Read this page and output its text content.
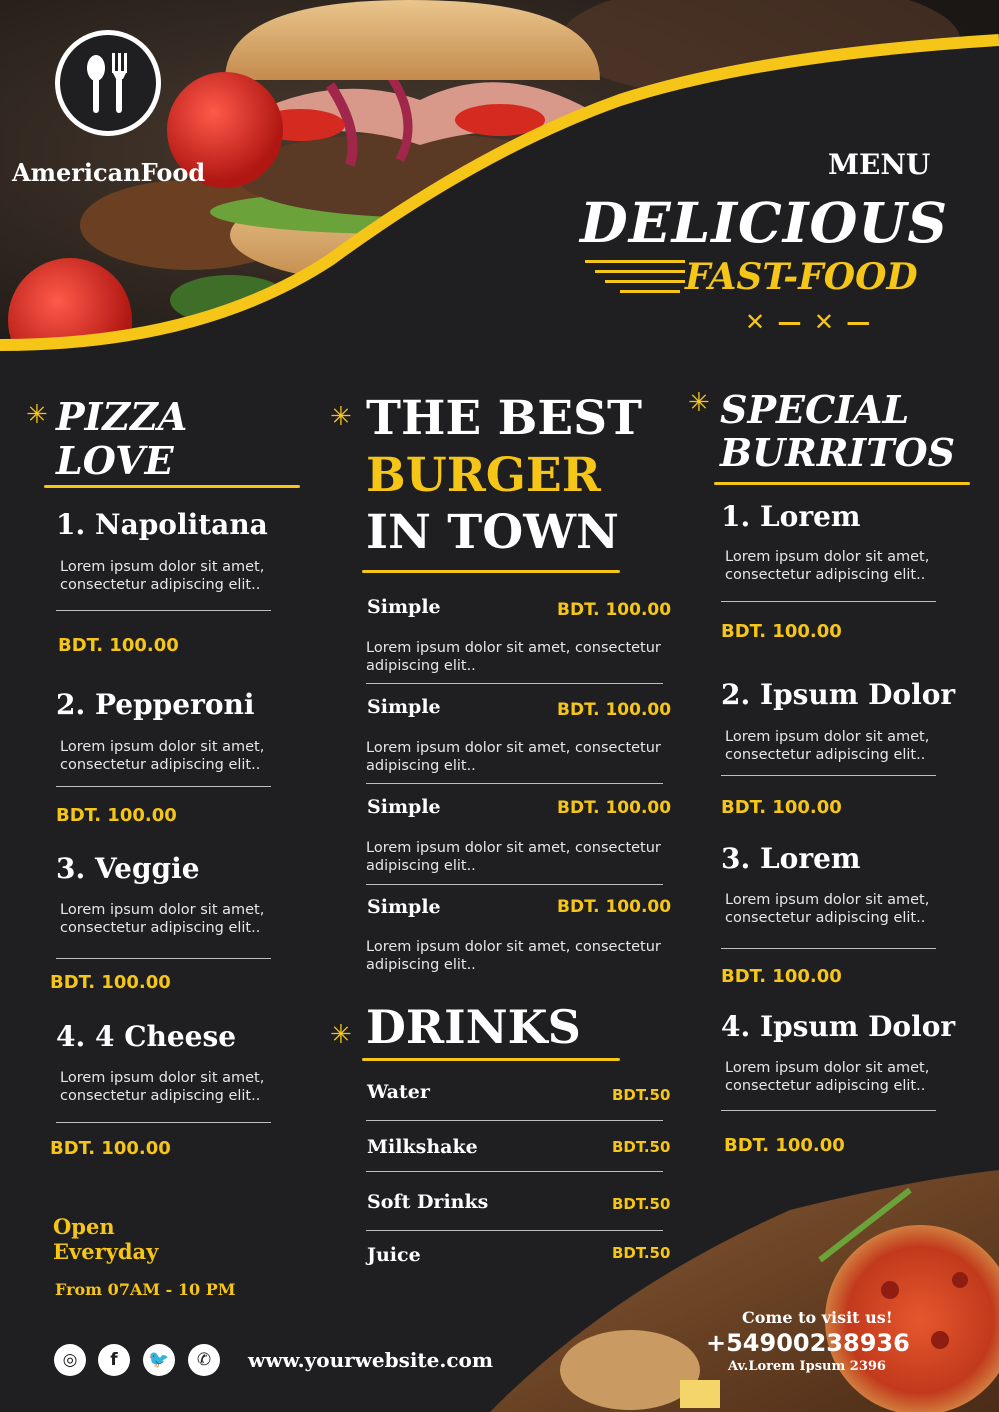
AmericanFood	MENU
DELICIOUS
FAST-FOOD
✕ — ✕ —
✳ PIZZA
LOVE
1. Napolitana
Lorem ipsum dolor sit amet,
consectetur adipiscing elit..
BDT. 100.00
2. Pepperoni
Lorem ipsum dolor sit amet,
consectetur adipiscing elit..
BDT. 100.00
3. Veggie
Lorem ipsum dolor sit amet,
consectetur adipiscing elit..
BDT. 100.00
4. 4 Cheese
Lorem ipsum dolor sit amet,
consectetur adipiscing elit..
BDT. 100.00
Open
Everyday
From 07AM - 10 PM
✳ THE BEST
BURGER
IN TOWN
Simple	BDT. 100.00
Lorem ipsum dolor sit amet, consectetur
adipiscing elit..
Simple	BDT. 100.00
Lorem ipsum dolor sit amet, consectetur
adipiscing elit..
Simple	BDT. 100.00
Lorem ipsum dolor sit amet, consectetur
adipiscing elit..
Simple	BDT. 100.00
Lorem ipsum dolor sit amet, consectetur
adipiscing elit..
✳ DRINKS
Water	BDT.50
Milkshake	BDT.50
Soft Drinks	BDT.50
Juice	BDT.50
✳ SPECIAL
BURRITOS
1. Lorem
Lorem ipsum dolor sit amet,
consectetur adipiscing elit..
BDT. 100.00
2. Ipsum Dolor
Lorem ipsum dolor sit amet,
consectetur adipiscing elit..
BDT. 100.00
3. Lorem
Lorem ipsum dolor sit amet,
consectetur adipiscing elit..
BDT. 100.00
4. Ipsum Dolor
Lorem ipsum dolor sit amet,
consectetur adipiscing elit..
BDT. 100.00
Come to visit us!
+54900238936
Av.Lorem Ipsum 2396
◎	f	🐦	✆	www.yourwebsite.com
